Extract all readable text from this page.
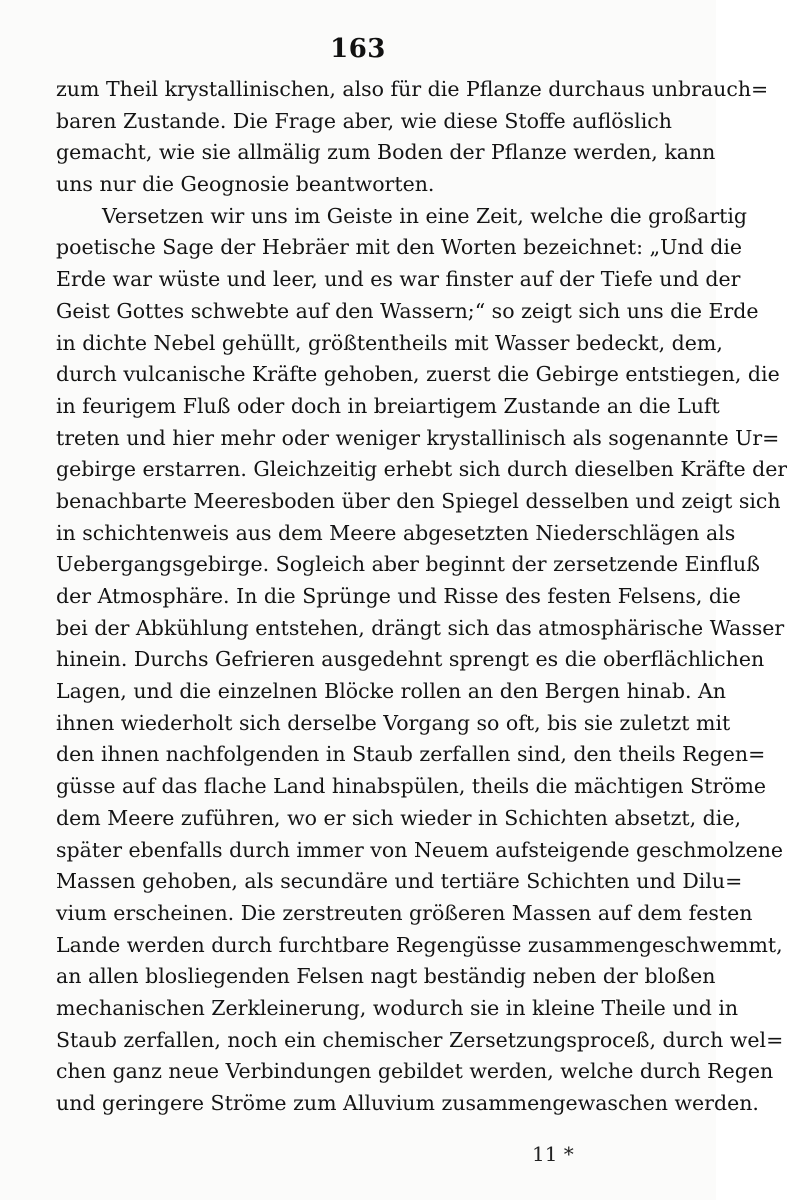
163
zum Theil krystallinischen, also für die Pflanze durchaus unbrauch=
baren Zustande. Die Frage aber, wie diese Stoffe auflöslich
gemacht, wie sie allmälig zum Boden der Pflanze werden, kann
uns nur die Geognosie beantworten.
Versetzen wir uns im Geiste in eine Zeit, welche die großartig
poetische Sage der Hebräer mit den Worten bezeichnet: „Und die
Erde war wüste und leer, und es war finster auf der Tiefe und der
Geist Gottes schwebte auf den Wassern;“ so zeigt sich uns die Erde
in dichte Nebel gehüllt, größtentheils mit Wasser bedeckt, dem,
durch vulcanische Kräfte gehoben, zuerst die Gebirge entstiegen, die
in feurigem Fluß oder doch in breiartigem Zustande an die Luft
treten und hier mehr oder weniger krystallinisch als sogenannte Ur=
gebirge erstarren. Gleichzeitig erhebt sich durch dieselben Kräfte der
benachbarte Meeresboden über den Spiegel desselben und zeigt sich
in schichtenweis aus dem Meere abgesetzten Niederschlägen als
Uebergangsgebirge. Sogleich aber beginnt der zersetzende Einfluß
der Atmosphäre. In die Sprünge und Risse des festen Felsens, die
bei der Abkühlung entstehen, drängt sich das atmosphärische Wasser
hinein. Durchs Gefrieren ausgedehnt sprengt es die oberflächlichen
Lagen, und die einzelnen Blöcke rollen an den Bergen hinab. An
ihnen wiederholt sich derselbe Vorgang so oft, bis sie zuletzt mit
den ihnen nachfolgenden in Staub zerfallen sind, den theils Regen=
güsse auf das flache Land hinabspülen, theils die mächtigen Ströme
dem Meere zuführen, wo er sich wieder in Schichten absetzt, die,
später ebenfalls durch immer von Neuem aufsteigende geschmolzene
Massen gehoben, als secundäre und tertiäre Schichten und Dilu=
vium erscheinen. Die zerstreuten größeren Massen auf dem festen
Lande werden durch furchtbare Regengüsse zusammengeschwemmt,
an allen blosliegenden Felsen nagt beständig neben der bloßen
mechanischen Zerkleinerung, wodurch sie in kleine Theile und in
Staub zerfallen, noch ein chemischer Zersetzungsproceß, durch wel=
chen ganz neue Verbindungen gebildet werden, welche durch Regen
und geringere Ströme zum Alluvium zusammengewaschen werden.
11 *
